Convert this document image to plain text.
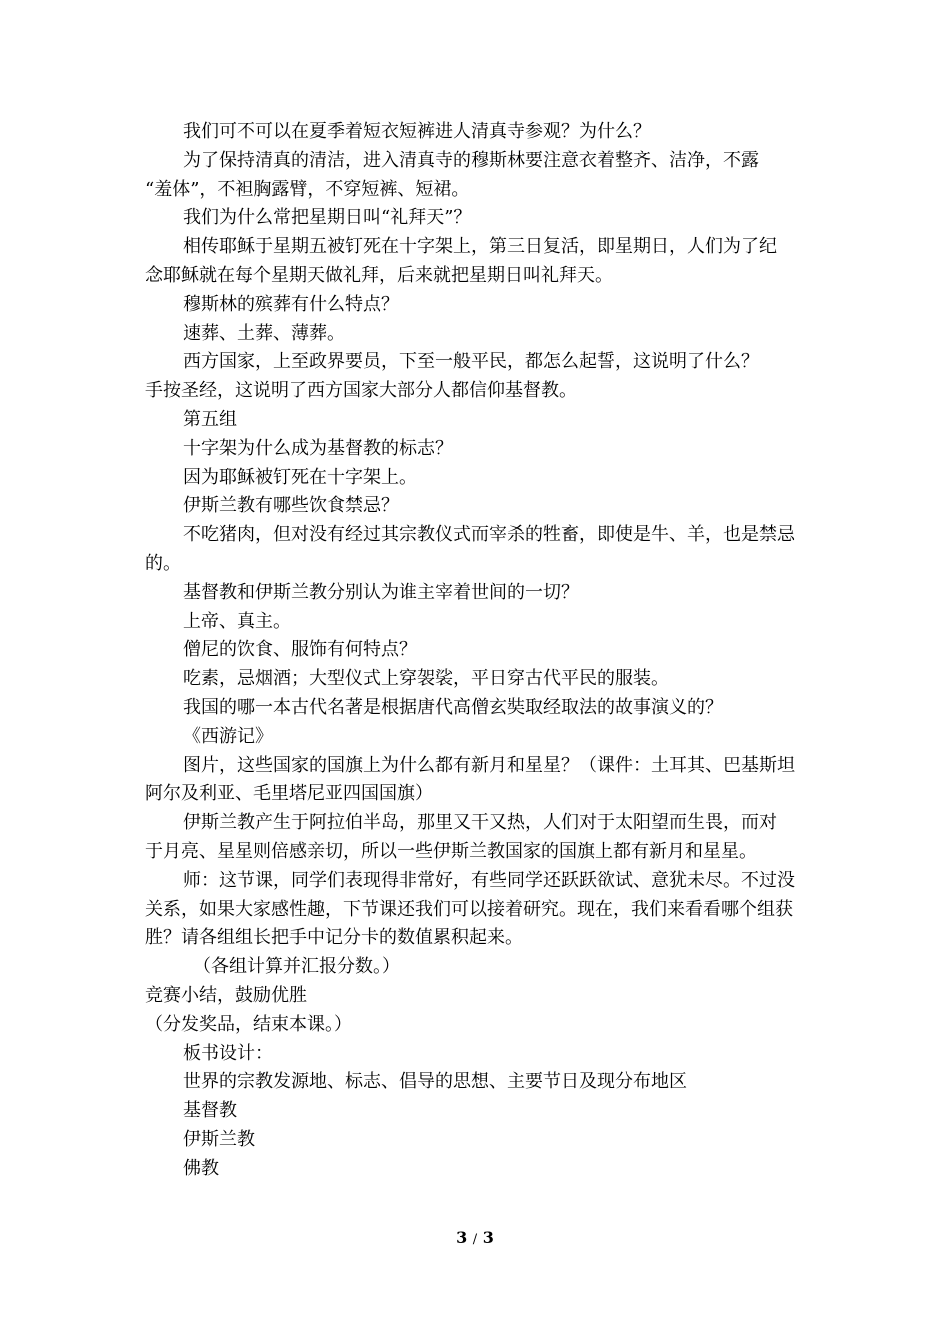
我们可不可以在夏季着短衣短裤进人清真寺参观？为什么？
为了保持清真的清洁，进入清真寺的穆斯林要注意衣着整齐、洁净，不露
“羞体”，不袒胸露臂，不穿短裤、短裙。
我们为什么常把星期日叫“礼拜天”？
相传耶稣于星期五被钉死在十字架上，第三日复活，即星期日，人们为了纪
念耶稣就在每个星期天做礼拜，后来就把星期日叫礼拜天。
穆斯林的殡葬有什么特点？
速葬、土葬、薄葬。
西方国家，上至政界要员，下至一般平民，都怎么起誓，这说明了什么？
手按圣经，这说明了西方国家大部分人都信仰基督教。
第五组
十字架为什么成为基督教的标志？
因为耶稣被钉死在十字架上。
伊斯兰教有哪些饮食禁忌？
不吃猪肉，但对没有经过其宗教仪式而宰杀的牲畜，即使是牛、羊，也是禁忌
的。
基督教和伊斯兰教分别认为谁主宰着世间的一切？
上帝、真主。
僧尼的饮食、服饰有何特点？
吃素，忌烟酒；大型仪式上穿袈裟，平日穿古代平民的服装。
我国的哪一本古代名著是根据唐代高僧玄奘取经取法的故事演义的？
《西游记》
图片，这些国家的国旗上为什么都有新月和星星？（课件：土耳其、巴基斯坦
阿尔及利亚、毛里塔尼亚四国国旗）
伊斯兰教产生于阿拉伯半岛，那里又干又热，人们对于太阳望而生畏，而对
于月亮、星星则倍感亲切，所以一些伊斯兰教国家的国旗上都有新月和星星。
师：这节课，同学们表现得非常好，有些同学还跃跃欲试、意犹未尽。不过没
关系，如果大家感性趣，下节课还我们可以接着研究。现在，我们来看看哪个组获
胜？请各组组长把手中记分卡的数值累积起来。
（各组计算并汇报分数。）
竞赛小结，鼓励优胜
（分发奖品，结束本课。）
板书设计：
世界的宗教发源地、标志、倡导的思想、主要节日及现分布地区
基督教
伊斯兰教
佛教
3 / 3
